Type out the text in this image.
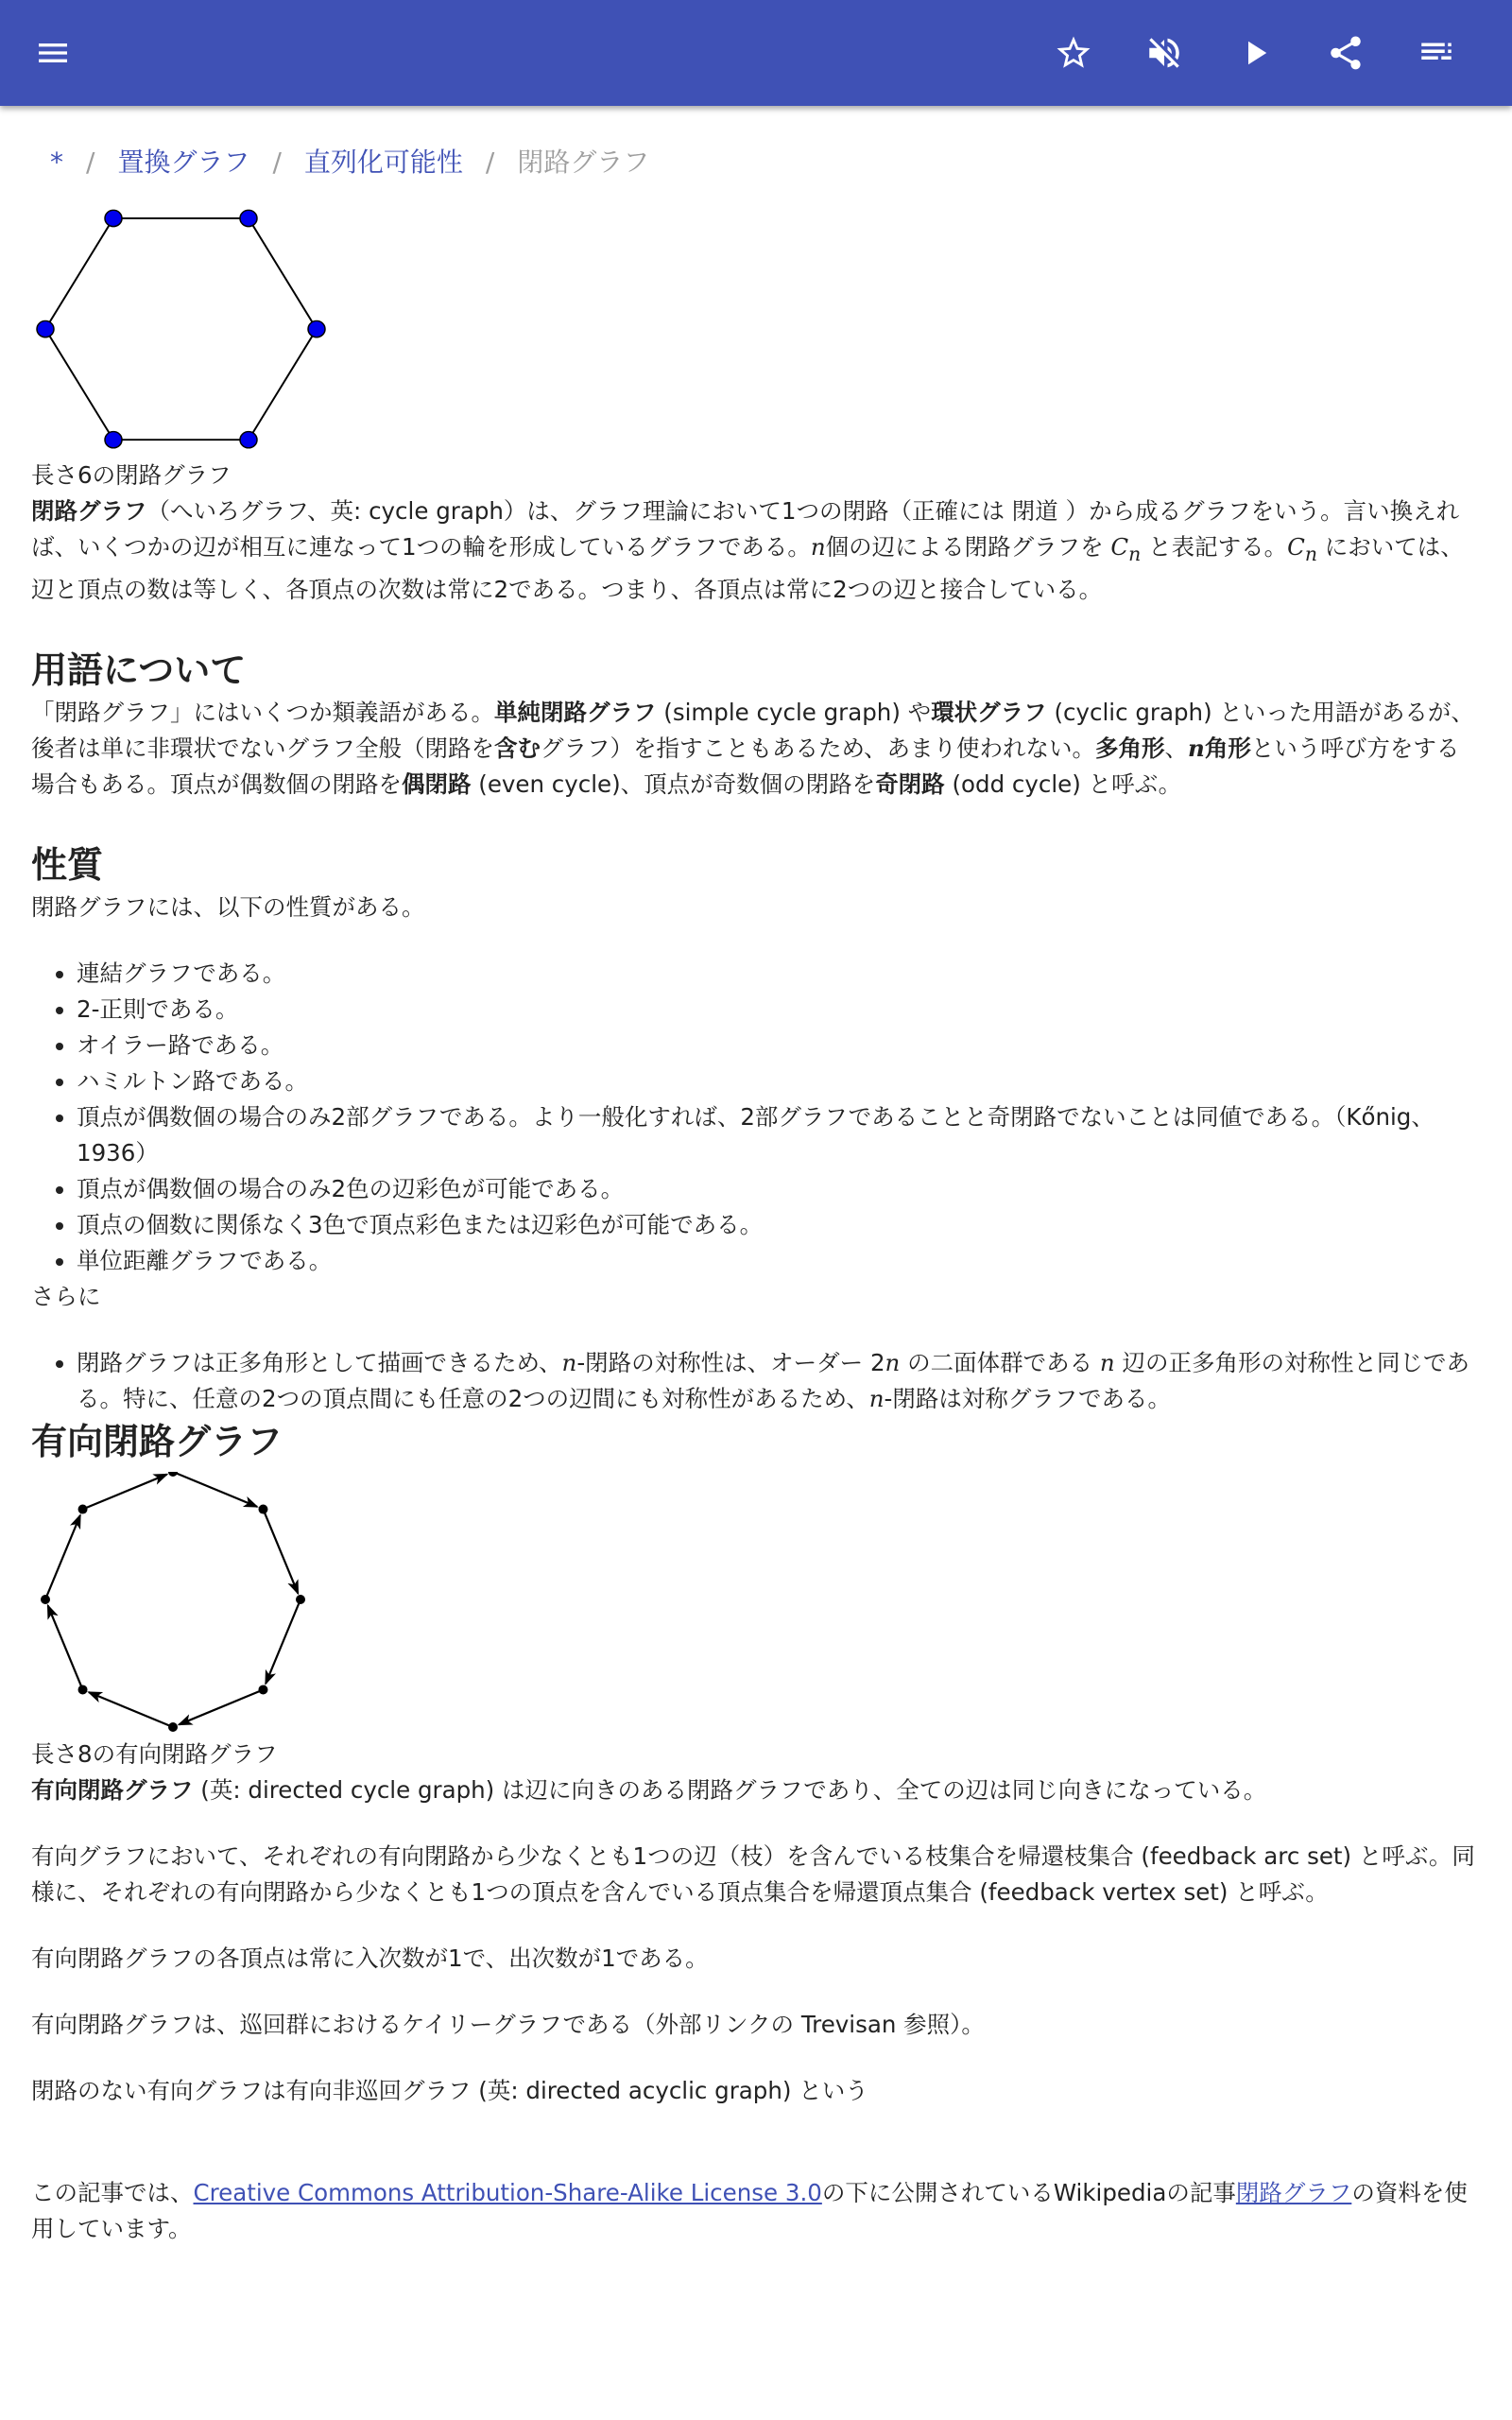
* / 置換グラフ / 直列化可能性 / 閉路グラフ
長さ6の閉路グラフ

閉路グラフ（へいろグラフ、英: cycle graph）は、グラフ理論において1つの閉路（正確には 閉道 ）から成るグラフをいう。言い換えれば、いくつかの辺が相互に連なって1つの輪を形成しているグラフである。n個の辺による閉路グラフを $C_n$ と表記する。$C_n$ においては、辺と頂点の数は等しく、各頂点の次数は常に2である。つまり、各頂点は常に2つの辺と接合している。

用語について

「閉路グラフ」にはいくつか類義語がある。単純閉路グラフ (simple cycle graph) や環状グラフ (cyclic graph) といった用語があるが、後者は単に非環状でないグラフ全般（閉路を含むグラフ）を指すこともあるため、あまり使われない。多角形、n角形という呼び方をする場合もある。頂点が偶数個の閉路を偶閉路 (even cycle)、頂点が奇数個の閉路を奇閉路 (odd cycle) と呼ぶ。

性質

閉路グラフには、以下の性質がある。

• 連結グラフである。
• 2-正則である。
• オイラー路である。
• ハミルトン路である。
• 頂点が偶数個の場合のみ2部グラフである。より一般化すれば、2部グラフであることと奇閉路でないことは同値である。（Kőnig、1936）
• 頂点が偶数個の場合のみ2色の辺彩色が可能である。
• 頂点の個数に関係なく3色で頂点彩色または辺彩色が可能である。
• 単位距離グラフである。

さらに

• 閉路グラフは正多角形として描画できるため、n-閉路の対称性は、オーダー 2n の二面体群である n 辺の正多角形の対称性と同じである。特に、任意の2つの頂点間にも任意の2つの辺間にも対称性があるため、n-閉路は対称グラフである。
有向閉路グラフ
長さ8の有向閉路グラフ

有向閉路グラフ (英: directed cycle graph) は辺に向きのある閉路グラフであり、全ての辺は同じ向きになっている。

有向グラフにおいて、それぞれの有向閉路から少なくとも1つの辺（枝）を含んでいる枝集合を帰還枝集合 (feedback arc set) と呼ぶ。同様に、それぞれの有向閉路から少なくとも1つの頂点を含んでいる頂点集合を帰還頂点集合 (feedback vertex set) と呼ぶ。

有向閉路グラフの各頂点は常に入次数が1で、出次数が1である。

有向閉路グラフは、巡回群におけるケイリーグラフである（外部リンクの Trevisan 参照）。

閉路のない有向グラフは有向非巡回グラフ (英: directed acyclic graph) という

この記事では、Creative Commons Attribution-Share-Alike License 3.0の下に公開されているWikipediaの記事閉路グラフの資料を使用しています。
